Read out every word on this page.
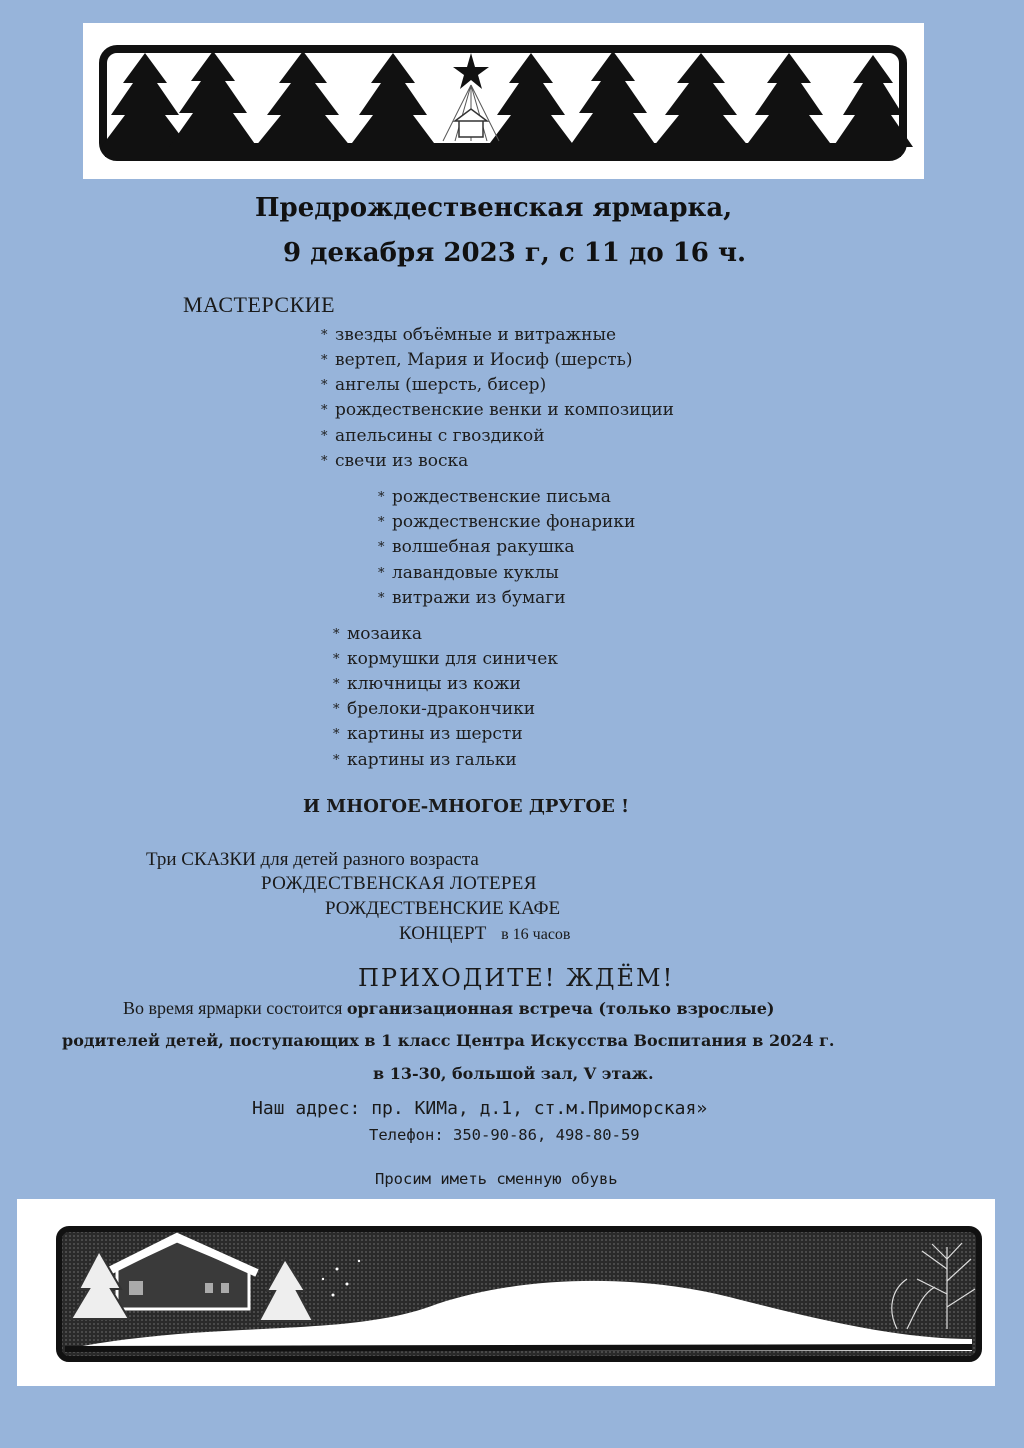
Предрождественская ярмарка,
9 декабря 2023 г, с 11 до 16 ч.
МАСТЕРСКИЕ
* звезды объёмные и витражные
* вертеп, Мария и Иосиф (шерсть)
* ангелы (шерсть, бисер)
* рождественские венки и композиции
* апельсины с гвоздикой
* свечи из воска
* рождественские письма
* рождественские фонарики
* волшебная ракушка
* лавандовые куклы
* витражи из бумаги
* мозаика
* кормушки для синичек
* ключницы из кожи
* брелоки-дракончики
* картины из шерсти
* картины из гальки
И МНОГОЕ-МНОГОЕ ДРУГОЕ !
Три СКАЗКИ для детей разного возраста
РОЖДЕСТВЕНСКАЯ ЛОТЕРЕЯ
РОЖДЕСТВЕНСКИЕ КАФЕ
КОНЦЕРТ в 16 часов
ПРИХОДИТЕ! ЖДЁМ!
Во время ярмарки состоится организационная встреча (только взрослые)
родителей детей, поступающих в 1 класс Центра Искусства Воспитания в 2024 г.
в 13-30, большой зал, V этаж.
Наш адрес: пр. КИМа, д.1, ст.м.Приморская»
Телефон: 350-90-86, 498-80-59
Просим иметь сменную обувь
